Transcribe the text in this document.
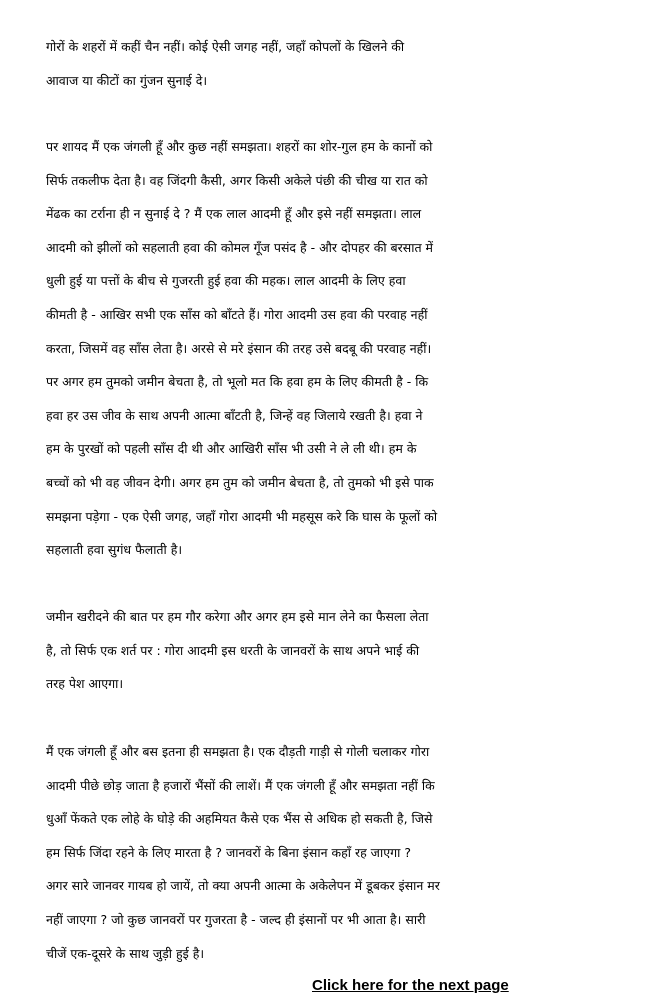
गोरों के शहरों में कहीं चैन नहीं। कोई ऐसी जगह नहीं, जहाँ कोपलों के खिलने की
आवाज या कीटों का गुंजन सुनाई दे।
पर शायद मैं एक जंगली हूँ और कुछ नहीं समझता। शहरों का शोर-गुल हम के कानों को
सिर्फ तकलीफ देता है। वह जिंदगी कैसी, अगर किसी अकेले पंछी की चीख या रात को
मेंढक का टर्राना ही न सुनाई दे ? मैं एक लाल आदमी हूँ और इसे नहीं समझता। लाल
आदमी को झीलों को सहलाती हवा की कोमल गूँज पसंद है - और दोपहर की बरसात में
धुली हुई या पत्तों के बीच से गुजरती हुई हवा की महक। लाल आदमी के लिए हवा
कीमती है - आखिर सभी एक साँस को बाँटते हैं। गोरा आदमी उस हवा की परवाह नहीं
करता, जिसमें वह साँस लेता है। अरसे से मरे इंसान की तरह उसे बदबू की परवाह नहीं।
पर अगर हम तुमको जमीन बेचता है, तो भूलो मत कि हवा हम के लिए कीमती है - कि
हवा हर उस जीव के साथ अपनी आत्मा बाँटती है, जिन्हें वह जिलाये रखती है। हवा ने
हम के पुरखों को पहली साँस दी थी और आखिरी साँस भी उसी ने ले ली थी। हम के
बच्चों को भी वह जीवन देगी। अगर हम तुम को जमीन बेचता है, तो तुमको भी इसे पाक
समझना पड़ेगा - एक ऐसी जगह, जहाँ गोरा आदमी भी महसूस करे कि घास के फूलों को
सहलाती हवा सुगंध फैलाती है।
जमीन खरीदने की बात पर हम गौर करेगा और अगर हम इसे मान लेने का फैसला लेता
है, तो सिर्फ एक शर्त पर : गोरा आदमी इस धरती के जानवरों के साथ अपने भाई की
तरह पेश आएगा।
मैं एक जंगली हूँ और बस इतना ही समझता है। एक दौड़ती गाड़ी से गोली चलाकर गोरा
आदमी पीछे छोड़ जाता है हजारों भैंसों की लाशें। मैं एक जंगली हूँ और समझता नहीं कि
धुआँ फेंकते एक लोहे के घोड़े की अहमियत कैसे एक भैंस से अधिक हो सकती है, जिसे
हम सिर्फ जिंदा रहने के लिए मारता है ? जानवरों के बिना इंसान कहाँ रह जाएगा ?
अगर सारे जानवर गायब हो जायें, तो क्या अपनी आत्मा के अकेलेपन में डूबकर इंसान मर
नहीं जाएगा ? जो कुछ जानवरों पर गुजरता है - जल्द ही इंसानों पर भी आता है। सारी
चीजें एक-दूसरे के साथ जुड़ी हुई है।
Click here for the next page
